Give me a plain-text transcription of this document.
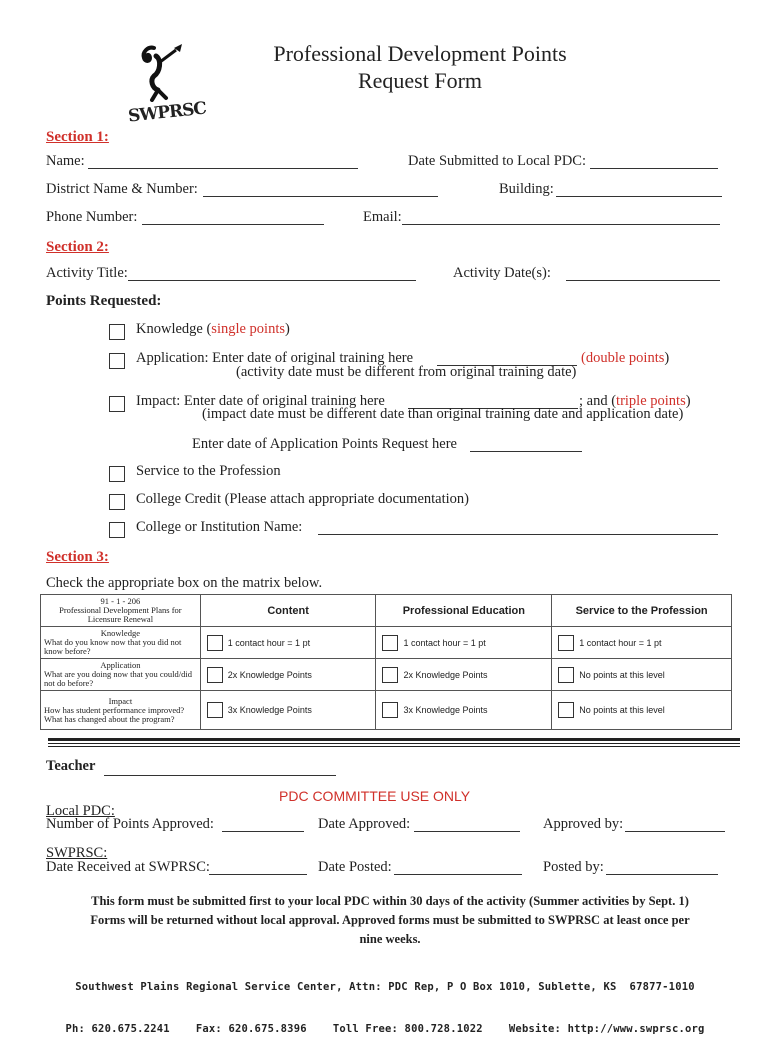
SWPRSC
Professional Development Points
Request Form
Section 1:
Name:	Date Submitted to Local PDC:
District Name & Number:	Building:
Phone Number:	Email:
Section 2:
Activity Title:	Activity Date(s):
Points Requested:
Knowledge (single points)
Application: Enter date of original training here	(double points)
(activity date must be different from original training date)
Impact: Enter date of original training here	; and (triple points)
(impact date must be different date than original training date and application date)
Enter date of Application Points Request here
Service to the Profession
College Credit (Please attach appropriate documentation)
College or Institution Name:
Section 3:
Check the appropriate box on the matrix below.
91 - 1 - 206
Professional Development Plans for
Licensure Renewal	Content	Professional Education	Service to the Profession

Knowledge
What do you know now that you did not know before?	1 contact hour = 1 pt	1 contact hour = 1 pt	1 contact hour = 1 pt

Application
What are you doing now that you could/did not do before?	2x Knowledge Points	2x Knowledge Points	No points at this level

Impact
How has student performance improved? What has changed about the program?	3x Knowledge Points	3x Knowledge Points	No points at this level
Teacher
PDC COMMITTEE USE ONLY
Local PDC:
Number of Points Approved:	Date Approved:	Approved by:
SWPRSC:
Date Received at SWPRSC:	Date Posted:	Posted by:
This form must be submitted first to your local PDC within 30 days of the activity (Summer activities by Sept. 1)
Forms will be returned without local approval. Approved forms must be submitted to SWPRSC at least once per
nine weeks.

Southwest Plains Regional Service Center, Attn: PDC Rep, P O Box 1010, Sublette, KS  67877-1010

Ph: 620.675.2241    Fax: 620.675.8396    Toll Free: 800.728.1022    Website: http://www.swprsc.org
